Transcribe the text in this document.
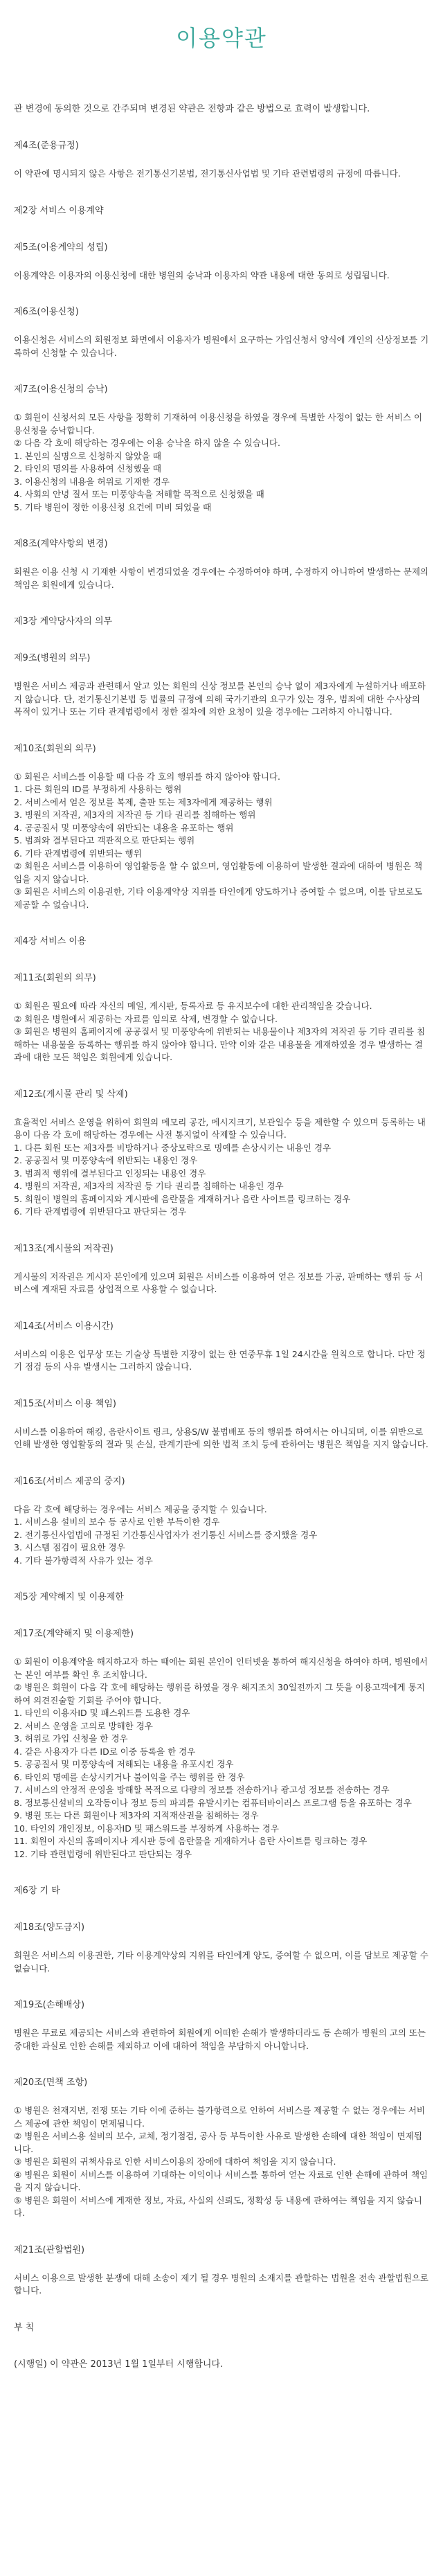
이용약관

관 변경에 동의한 것으로 간주되며 변경된 약관은 전항과 같은 방법으로 효력이 발생합니다.

제4조(준용규정)

이 약관에 명시되지 않은 사항은 전기통신기본법, 전기통신사업법 및 기타 관련법령의 규정에 따릅니다.

제2장 서비스 이용계약

제5조(이용계약의 성립)

이용계약은 이용자의 이용신청에 대한 병원의 승낙과 이용자의 약관 내용에 대한 동의로 성립됩니다.

제6조(이용신청)

이용신청은 서비스의 회원정보 화면에서 이용자가 병원에서 요구하는 가입신청서 양식에 개인의 신상정보를 기록하여 신청할 수 있습니다.

제7조(이용신청의 승낙)

① 회원이 신청서의 모든 사항을 정확히 기재하여 이용신청을 하였을 경우에 특별한 사정이 없는 한 서비스 이용신청을 승낙합니다.

② 다음 각 호에 해당하는 경우에는 이용 승낙을 하지 않을 수 있습니다.

1. 본인의 실명으로 신청하지 않았을 때

2. 타인의 명의를 사용하여 신청했을 때

3. 이용신청의 내용을 허위로 기재한 경우

4. 사회의 안녕 질서 또는 미풍양속을 저해할 목적으로 신청했을 때

5. 기타 병원이 정한 이용신청 요건에 미비 되었을 때

제8조(계약사항의 변경)

회원은 이용 신청 시 기재한 사항이 변경되었을 경우에는 수정하여야 하며, 수정하지 아니하여 발생하는 문제의 책임은 회원에게 있습니다.

제3장 계약당사자의 의무

제9조(병원의 의무)

병원은 서비스 제공과 관련해서 알고 있는 회원의 신상 정보를 본인의 승낙 없이 제3자에게 누설하거나 배포하지 않습니다. 단, 전기통신기본법 등 법률의 규정에 의해 국가기관의 요구가 있는 경우, 범죄에 대한 수사상의 목적이 있거나 또는 기타 관계법령에서 정한 절차에 의한 요청이 있을 경우에는 그러하지 아니합니다.

제10조(회원의 의무)

① 회원은 서비스를 이용할 때 다음 각 호의 행위를 하지 않아야 합니다.

1. 다른 회원의 ID를 부정하게 사용하는 행위

2. 서비스에서 얻은 정보를 복제, 출판 또는 제3자에게 제공하는 행위

3. 병원의 저작권, 제3자의 저작권 등 기타 권리를 침해하는 행위

4. 공공질서 및 미풍양속에 위반되는 내용을 유포하는 행위

5. 범죄와 결부된다고 객관적으로 판단되는 행위

6. 기타 관계법령에 위반되는 행위

② 회원은 서비스를 이용하여 영업활동을 할 수 없으며, 영업활동에 이용하여 발생한 결과에 대하여 병원은 책임을 지지 않습니다.

③ 회원은 서비스의 이용권한, 기타 이용계약상 지위를 타인에게 양도하거나 증여할 수 없으며, 이를 담보로도 제공할 수 없습니다.

제4장 서비스 이용

제11조(회원의 의무)

① 회원은 필요에 따라 자신의 메일, 게시판, 등록자료 등 유지보수에 대한 관리책임을 갖습니다.

② 회원은 병원에서 제공하는 자료를 임의로 삭제, 변경할 수 없습니다.

③ 회원은 병원의 홈페이지에 공공질서 및 미풍양속에 위반되는 내용물이나 제3자의 저작권 등 기타 권리를 침해하는 내용물을 등록하는 행위를 하지 않아야 합니다. 만약 이와 같은 내용물을 게재하였을 경우 발생하는 결과에 대한 모든 책임은 회원에게 있습니다.

제12조(게시물 관리 및 삭제)

효율적인 서비스 운영을 위하여 회원의 메모리 공간, 메시지크기, 보관일수 등을 제한할 수 있으며 등록하는 내용이 다음 각 호에 해당하는 경우에는 사전 통지없이 삭제할 수 있습니다.

1. 다른 회원 또는 제3자를 비방하거나 중상모략으로 명예를 손상시키는 내용인 경우

2. 공공질서 및 미풍양속에 위반되는 내용인 경우

3. 범죄적 행위에 결부된다고 인정되는 내용인 경우

4. 병원의 저작권, 제3자의 저작권 등 기타 권리를 침해하는 내용인 경우

5. 회원이 병원의 홈페이지와 게시판에 음란물을 게재하거나 음란 사이트를 링크하는 경우

6. 기타 관계법령에 위반된다고 판단되는 경우

제13조(게시물의 저작권)

게시물의 저작권은 게시자 본인에게 있으며 회원은 서비스를 이용하여 얻은 정보를 가공, 판매하는 행위 등 서비스에 게재된 자료를 상업적으로 사용할 수 없습니다.

제14조(서비스 이용시간)

서비스의 이용은 업무상 또는 기술상 특별한 지장이 없는 한 연중무휴 1일 24시간을 원칙으로 합니다. 다만 정기 점검 등의 사유 발생시는 그러하지 않습니다.

제15조(서비스 이용 책임)

서비스를 이용하여 해킹, 음란사이트 링크, 상용S/W 불법배포 등의 행위를 하여서는 아니되며, 이를 위반으로 인해 발생한 영업활동의 결과 및 손실, 관계기관에 의한 법적 조치 등에 관하여는 병원은 책임을 지지 않습니다.

제16조(서비스 제공의 중지)

다음 각 호에 해당하는 경우에는 서비스 제공을 중지할 수 있습니다.

1. 서비스용 설비의 보수 등 공사로 인한 부득이한 경우

2. 전기통신사업법에 규정된 기간통신사업자가 전기통신 서비스를 중지했을 경우

3. 시스템 점검이 필요한 경우

4. 기타 불가항력적 사유가 있는 경우

제5장 계약해지 및 이용제한

제17조(계약해지 및 이용제한)

① 회원이 이용계약을 해지하고자 하는 때에는 회원 본인이 인터넷을 통하여 해지신청을 하여야 하며, 병원에서는 본인 여부를 확인 후 조치합니다.

② 병원은 회원이 다음 각 호에 해당하는 행위를 하였을 경우 해지조치 30일전까지 그 뜻을 이용고객에게 통지하여 의견진술할 기회를 주어야 합니다.

1. 타인의 이용자ID 및 패스워드를 도용한 경우

2. 서비스 운영을 고의로 방해한 경우

3. 허위로 가입 신청을 한 경우

4. 같은 사용자가 다른 ID로 이중 등록을 한 경우

5. 공공질서 및 미풍양속에 저해되는 내용을 유포시킨 경우

6. 타인의 명예를 손상시키거나 불이익을 주는 행위를 한 경우

7. 서비스의 안정적 운영을 방해할 목적으로 다량의 정보를 전송하거나 광고성 정보를 전송하는 경우

8. 정보통신설비의 오작동이나 정보 등의 파괴를 유발시키는 컴퓨터바이러스 프로그램 등을 유포하는 경우

9. 병원 또는 다른 회원이나 제3자의 지적재산권을 침해하는 경우

10. 타인의 개인정보, 이용자ID 및 패스워드를 부정하게 사용하는 경우

11. 회원이 자신의 홈페이지나 게시판 등에 음란물을 게재하거나 음란 사이트를 링크하는 경우

12. 기타 관련법령에 위반된다고 판단되는 경우

제6장 기 타

제18조(양도금지)

회원은 서비스의 이용권한, 기타 이용계약상의 지위를 타인에게 양도, 증여할 수 없으며, 이를 담보로 제공할 수 없습니다.

제19조(손해배상)

병원은 무료로 제공되는 서비스와 관련하여 회원에게 어떠한 손해가 발생하더라도 동 손해가 병원의 고의 또는 중대한 과실로 인한 손해를 제외하고 이에 대하여 책임을 부담하지 아니합니다.

제20조(면책 조항)

① 병원은 천재지변, 전쟁 또는 기타 이에 준하는 불가항력으로 인하여 서비스를 제공할 수 없는 경우에는 서비스 제공에 관한 책임이 면제됩니다.

② 병원은 서비스용 설비의 보수, 교체, 정기점검, 공사 등 부득이한 사유로 발생한 손해에 대한 책임이 면제됩니다.

③ 병원은 회원의 귀책사유로 인한 서비스이용의 장애에 대하여 책임을 지지 않습니다.

④ 병원은 회원이 서비스를 이용하여 기대하는 이익이나 서비스를 통하여 얻는 자료로 인한 손해에 관하여 책임을 지지 않습니다.

⑤ 병원은 회원이 서비스에 게재한 정보, 자료, 사실의 신뢰도, 정확성 등 내용에 관하여는 책임을 지지 않습니다.

제21조(관할법원)

서비스 이용으로 발생한 분쟁에 대해 소송이 제기 될 경우 병원의 소재지를 관할하는 법원을 전속 관할법원으로 합니다.

부 칙

(시행일) 이 약관은 2013년 1월 1일부터 시행합니다.
